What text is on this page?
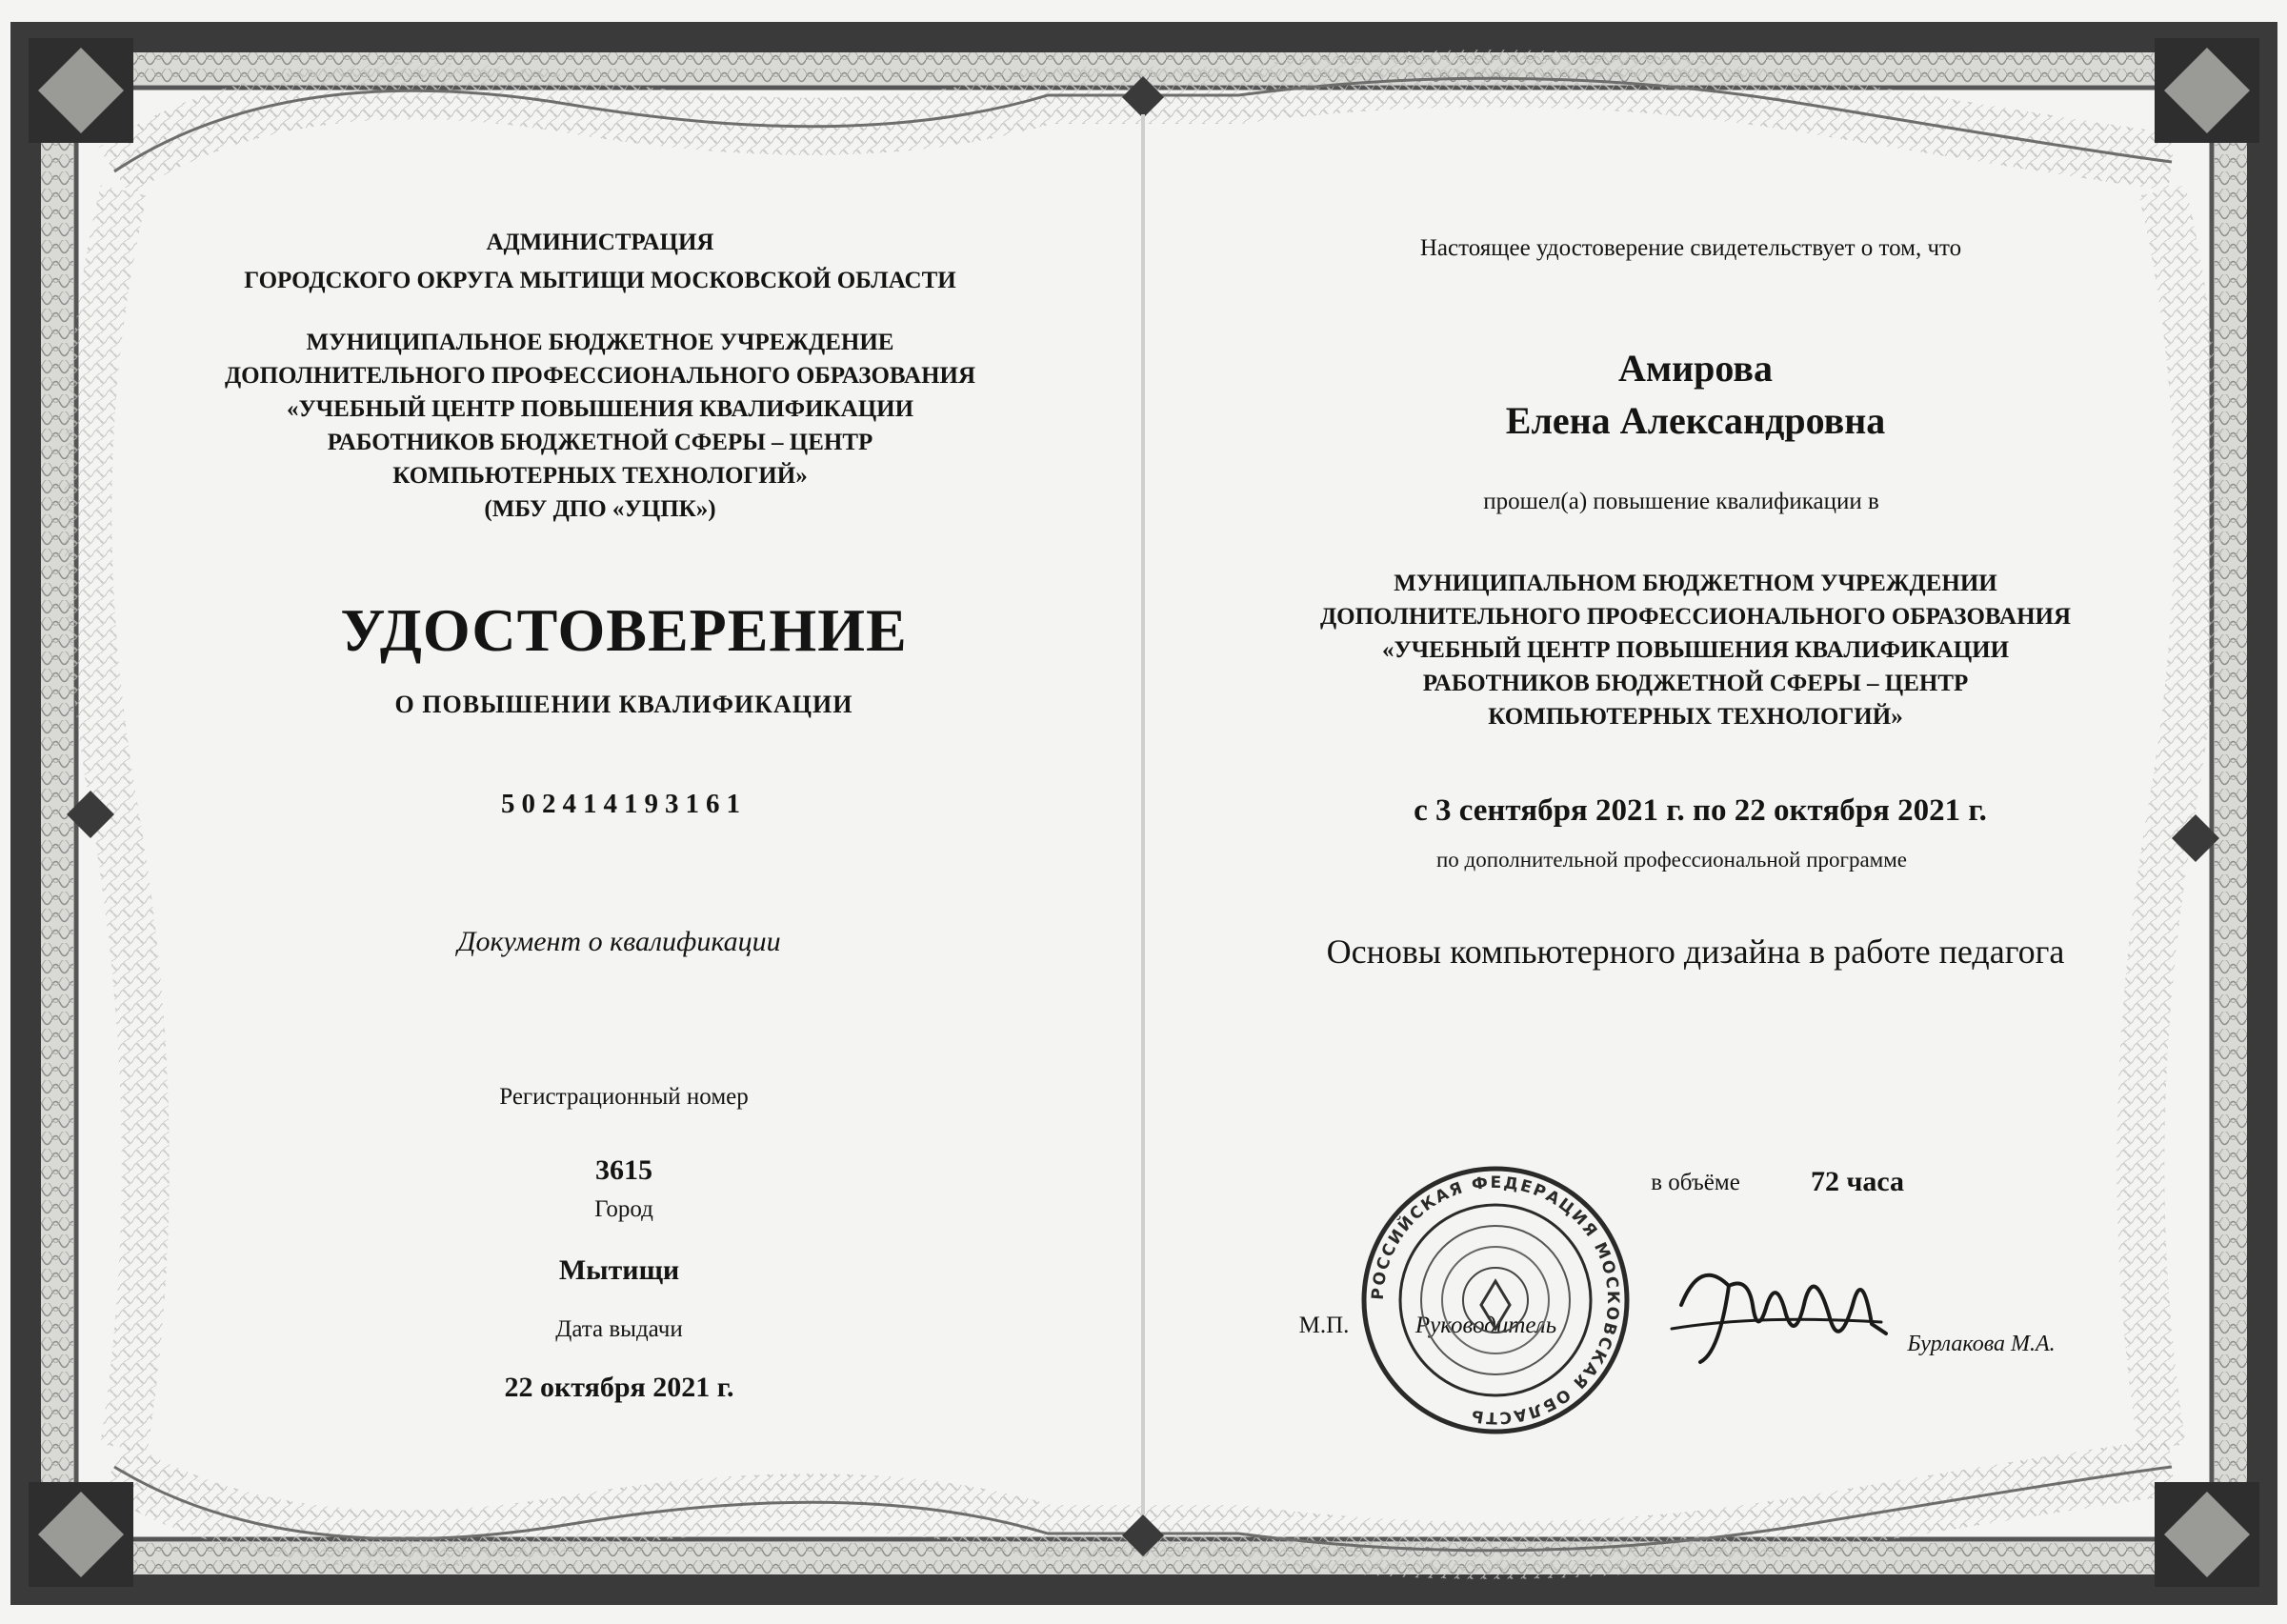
АДМИНИСТРАЦИЯ
ГОРОДСКОГО ОКРУГА МЫТИЩИ МОСКОВСКОЙ ОБЛАСТИ
МУНИЦИПАЛЬНОЕ БЮДЖЕТНОЕ УЧРЕЖДЕНИЕ
ДОПОЛНИТЕЛЬНОГО ПРОФЕССИОНАЛЬНОГО ОБРАЗОВАНИЯ
«УЧЕБНЫЙ ЦЕНТР ПОВЫШЕНИЯ КВАЛИФИКАЦИИ
РАБОТНИКОВ БЮДЖЕТНОЙ СФЕРЫ – ЦЕНТР
КОМПЬЮТЕРНЫХ ТЕХНОЛОГИЙ»
(МБУ ДПО «УЦПК»)
УДОСТОВЕРЕНИЕ
О ПОВЫШЕНИИ КВАЛИФИКАЦИИ
502414193161
Документ о квалификации
Регистрационный номер
3615
Город
Мытищи
Дата выдачи
22 октября 2021 г.
Настоящее удостоверение свидетельствует о том, что
Амирова
Елена Александровна
прошел(а) повышение квалификации в
МУНИЦИПАЛЬНОМ БЮДЖЕТНОМ УЧРЕЖДЕНИИ
ДОПОЛНИТЕЛЬНОГО ПРОФЕССИОНАЛЬНОГО ОБРАЗОВАНИЯ
«УЧЕБНЫЙ ЦЕНТР ПОВЫШЕНИЯ КВАЛИФИКАЦИИ
РАБОТНИКОВ БЮДЖЕТНОЙ СФЕРЫ – ЦЕНТР
КОМПЬЮТЕРНЫХ ТЕХНОЛОГИЙ»
с 3 сентября 2021 г. по 22 октября 2021 г.
по дополнительной профессиональной программе
Основы компьютерного дизайна в работе педагога
в объёме 72 часа
М.П.	Руководитель
Бурлакова М.А.
РОССИЙСКАЯ ФЕДЕРАЦИЯ МОСКОВСКАЯ ОБЛАСТЬ
